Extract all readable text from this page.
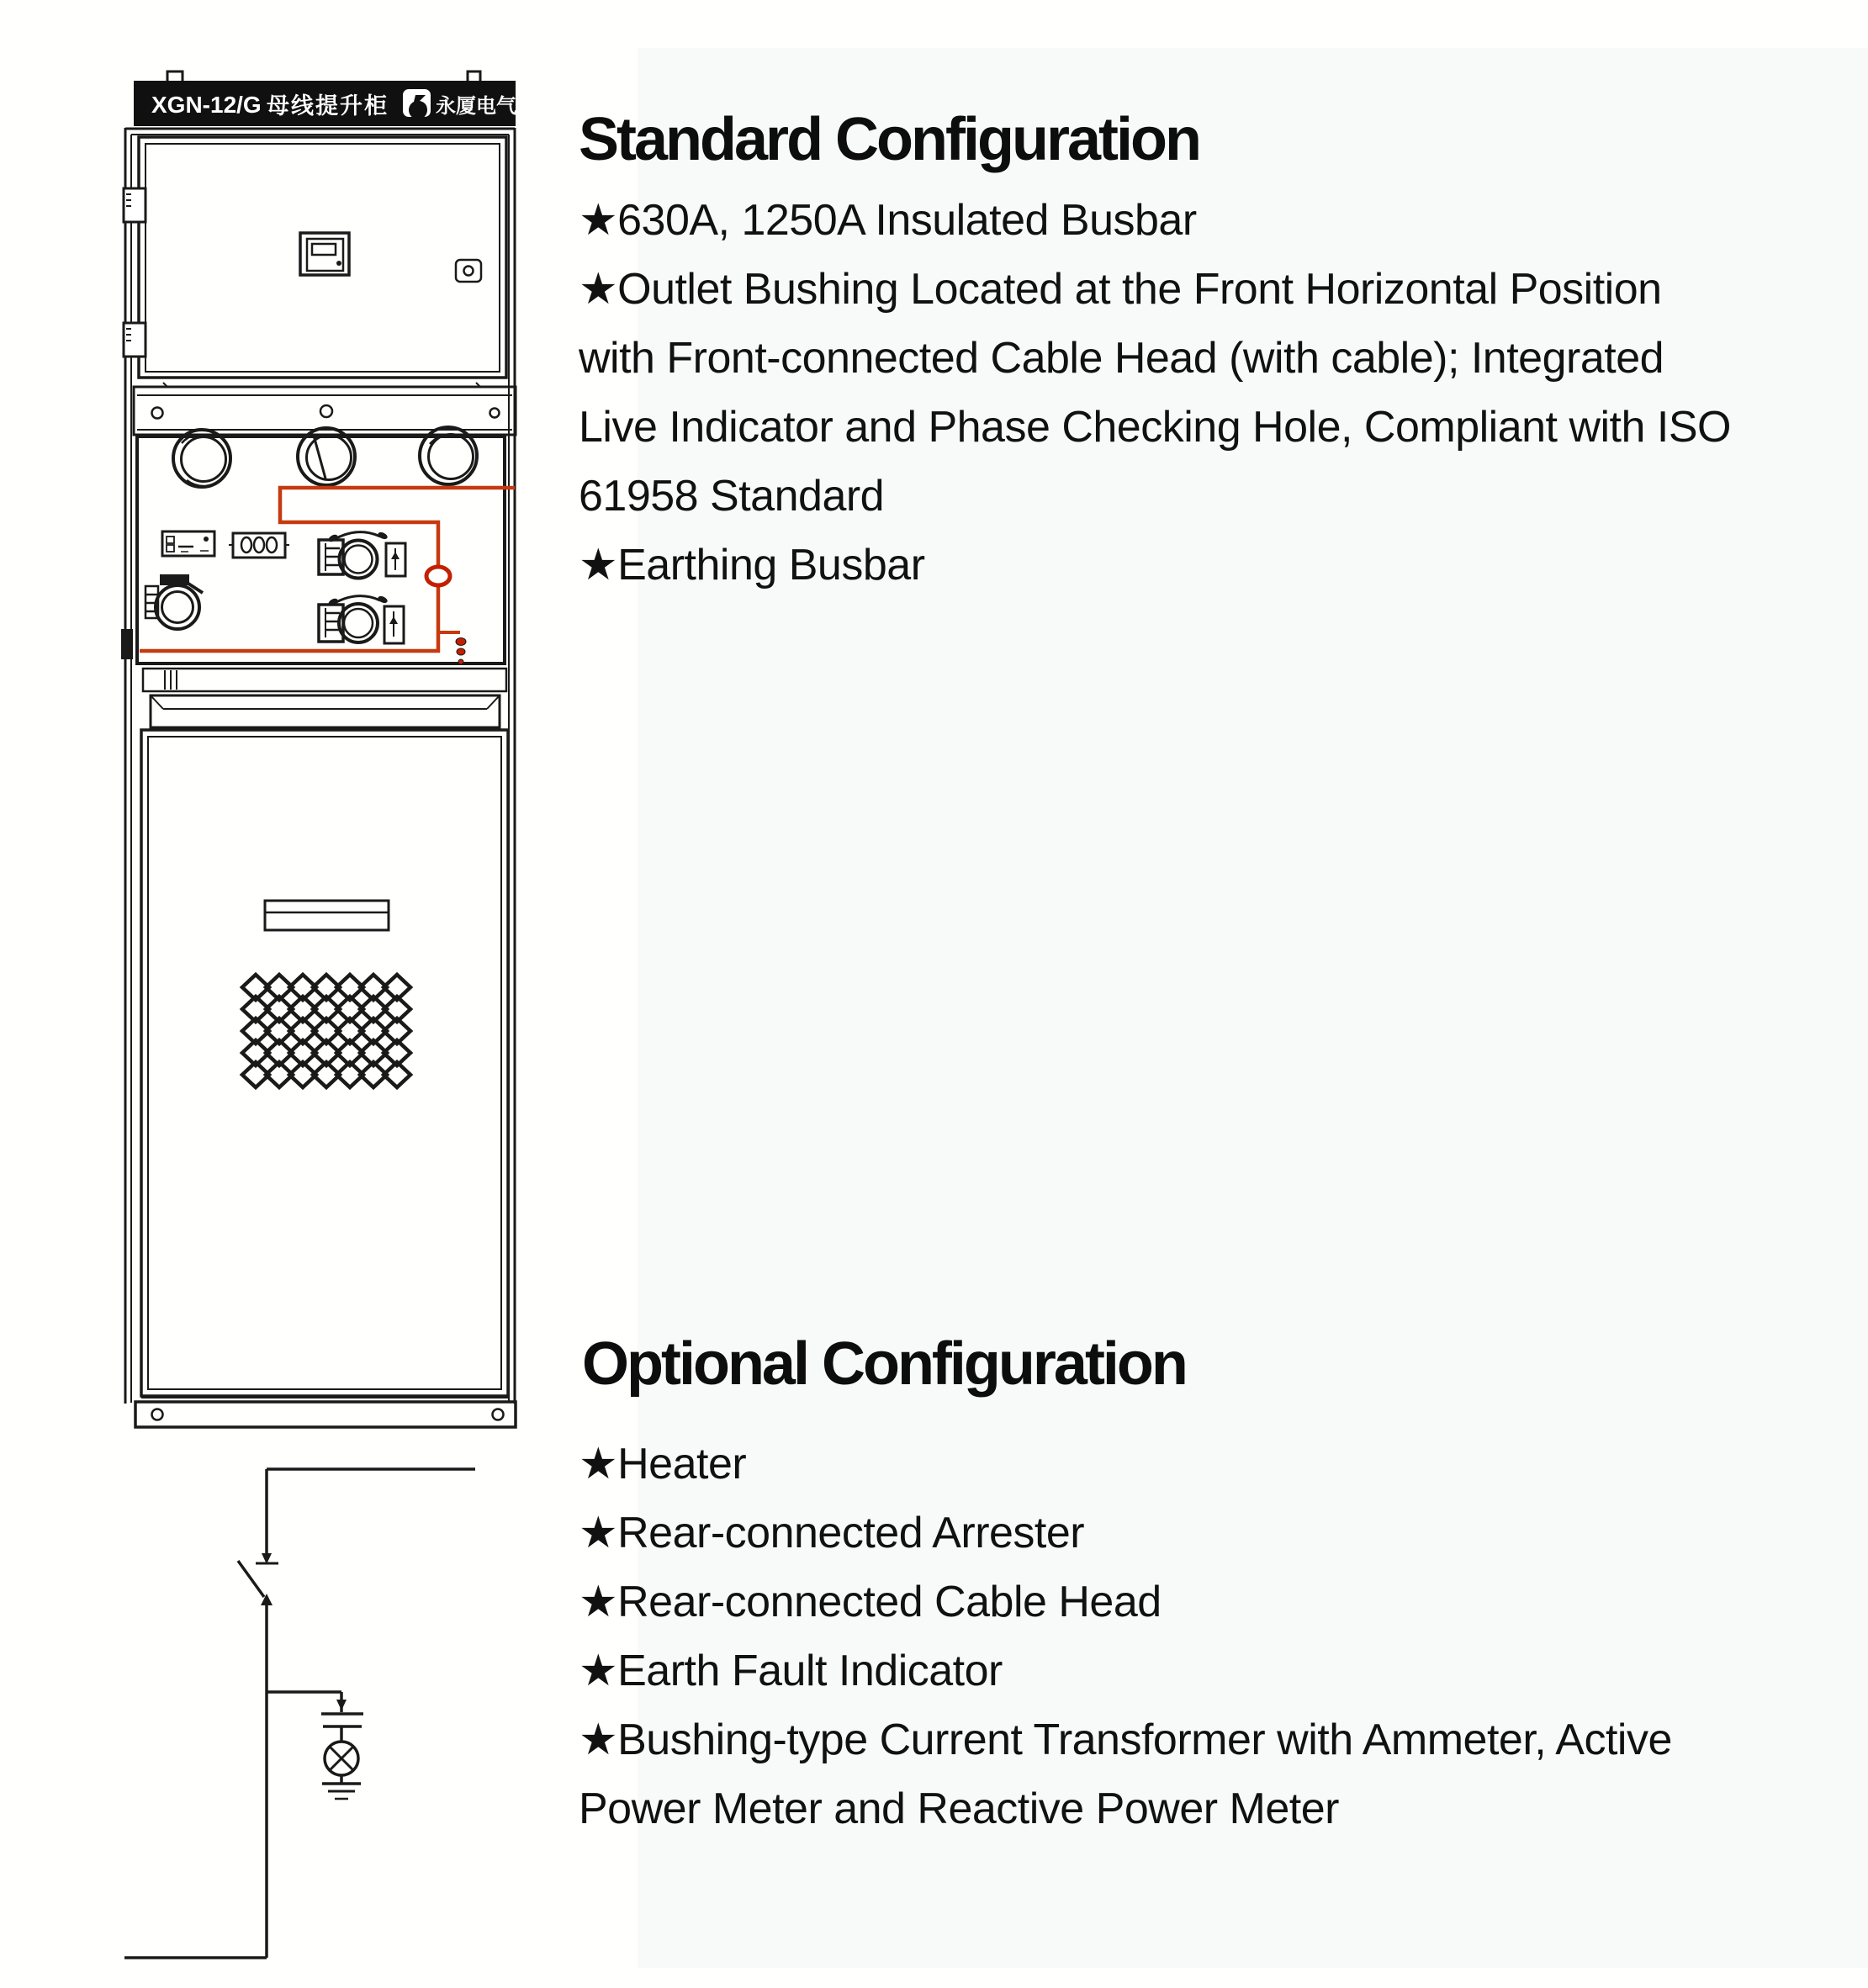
XGN-12/G 母线提升柜 永厦电气 Standard Configuration
★630A, 1250A Insulated Busbar
★Outlet Bushing Located at the Front Horizontal Position
with Front-connected Cable Head (with cable); Integrated
Live Indicator and Phase Checking Hole, Compliant with ISO
61958 Standard
★Earthing Busbar
Optional Configuration
★Heater
★Rear-connected Arrester
★Rear-connected Cable Head
★Earth Fault Indicator
★Bushing-type Current Transformer with Ammeter, Active
Power Meter and Reactive Power Meter
